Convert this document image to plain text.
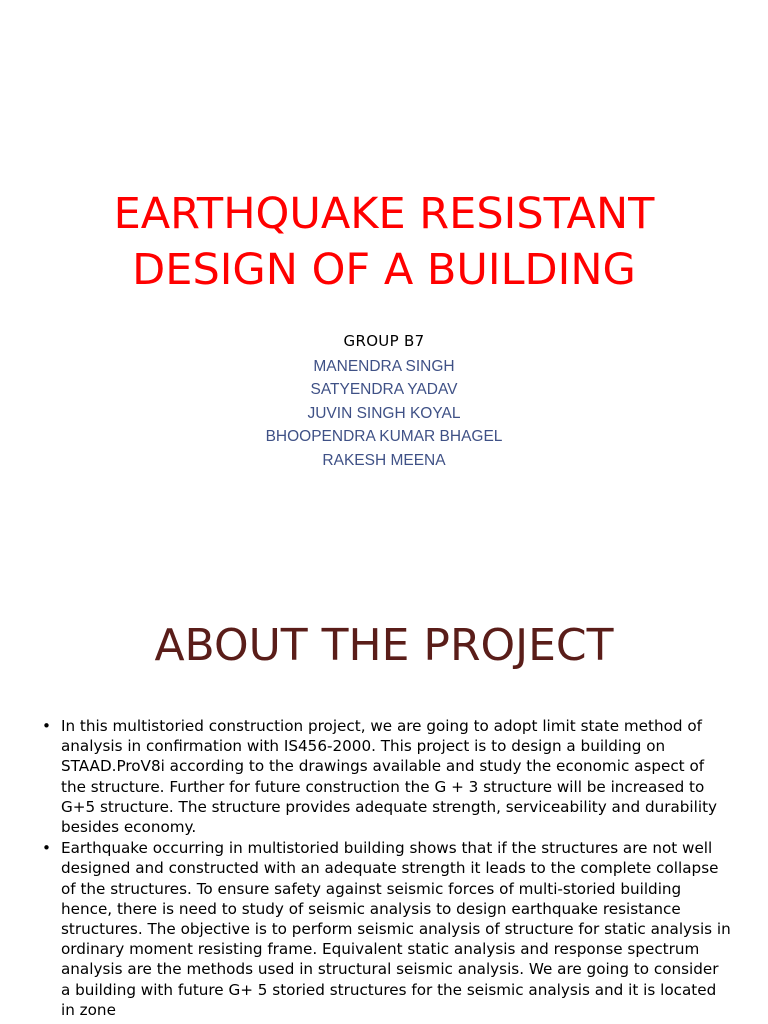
EARTHQUAKE RESISTANT
DESIGN OF A BUILDING
GROUP B7
MANENDRA SINGH
SATYENDRA YADAV
JUVIN SINGH KOYAL
BHOOPENDRA KUMAR BHAGEL
RAKESH MEENA
ABOUT THE PROJECT
• In this multistoried construction project, we are going to adopt limit state method of analysis in confirmation with IS456-2000. This project is to design a building on STAAD.ProV8i according to the drawings available and study the economic aspect of the structure. Further for future construction the G + 3 structure will be increased to G+5 structure. The structure provides adequate strength, serviceability and durability besides economy.
• Earthquake occurring in multistoried building shows that if the structures are not well designed and constructed with an adequate strength it leads to the complete collapse of the structures. To ensure safety against seismic forces of multi-storied building hence, there is need to study of seismic analysis to design earthquake resistance structures. The objective is to perform seismic analysis of structure for static analysis in ordinary moment resisting frame. Equivalent static analysis and response spectrum analysis are the methods used in structural seismic analysis. We are going to consider a building with future G+ 5 storied structures for the seismic analysis and it is located in zone
